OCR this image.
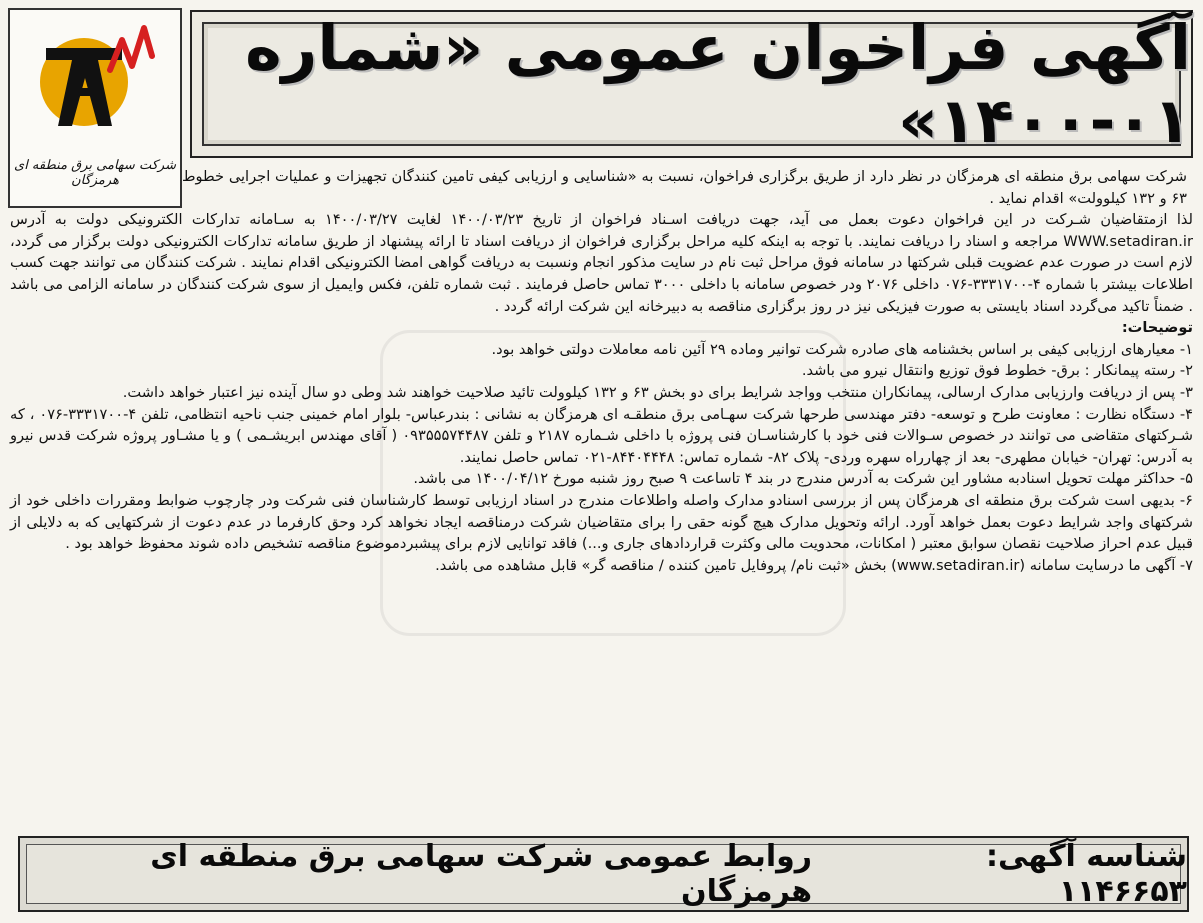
شرکت سهامی برق منطقه ای هرمزگان
آگهی فراخوان عمومی «شماره ۰۱-۱۴۰۰»

شرکت سهامی برق منطقه ای هرمزگان در نظر دارد از طریق برگزاری فراخوان، نسبت به «شناسایی و ارزیابی کیفی تامین کنندگان تجهیزات و عملیات اجرایی خطوط ۶۳ و ۱۳۲ کیلوولت» اقدام نماید .

لذا ازمتقاضیان شـرکت در این فراخوان دعوت بعمل می آید، جهت دریافت اسـناد فراخوان از تاریخ ۱۴۰۰/۰۳/۲۳ لغایت ۱۴۰۰/۰۳/۲۷ به سـامانه تدارکات الکترونیکی دولت به آدرس WWW.setadiran.ir مراجعه و اسناد را دریافت نمایند. با توجه به اینکه کلیه مراحل برگزاری فراخوان از دریافت اسناد تا ارائه پیشنهاد از طریق سامانه تدارکات الکترونیکی دولت برگزار می گردد، لازم است در صورت عدم عضویت قبلی شرکتها در سامانه فوق مراحل ثبت نام در سایت مذکور انجام ونسبت به دریافت گواهی امضا الکترونیکی اقدام نمایند . شرکت کنندگان می توانند جهت کسب اطلاعات بیشتر با شماره ۴-۳۳۳۱۷۰۰-۰۷۶ داخلی ۲۰۷۶ ودر خصوص سامانه با داخلی ۳۰۰۰ تماس حاصل فرمایند . ثبت شماره تلفن، فکس وایمیل از سوی شرکت کنندگان در سامانه الزامی می باشد . ضمناً تاکید می‌گردد اسناد بایستی به صورت فیزیکی نیز در روز برگزاری مناقصه به دبیرخانه این شرکت ارائه گردد .

توضیحات:

۱- معیارهای ارزیابی کیفی بر اساس بخشنامه های صادره شرکت توانیر وماده ۲۹ آئین نامه معاملات دولتی خواهد بود.

۲- رسته پیمانکار : برق- خطوط فوق توزیع وانتقال نیرو می باشد.

۳- پس از دریافت وارزیابی مدارک ارسالی، پیمانکاران منتخب وواجد شرایط برای دو بخش ۶۳ و ۱۳۲ کیلوولت تائید صلاحیت خواهند شد وطی دو سال آینده نیز اعتبار خواهد داشت.

۴- دستگاه نظارت : معاونت طرح و توسعه- دفتر مهندسی طرحها شرکت سهـامی برق منطقـه ای هرمزگان به نشانی : بندرعباس- بلوار امام خمینی جنب ناحیه انتظامی، تلفن ۴-۳۳۳۱۷۰۰-۰۷۶ ، که شـرکتهای متقاضی می توانند در خصوص سـوالات فنی خود با کارشناسـان فنی پروژه با داخلی شـماره ۲۱۸۷ و تلفن ۰۹۳۵۵۵۷۴۴۸۷ ( آقای مهندس ابریشـمی ) و یا مشـاور پروژه شرکت قدس نیرو به آدرس: تهران- خیابان مطهری- بعد از چهارراه سهره وردی- پلاک ۸۲- شماره تماس: ۸۴۴۰۴۴۴۸-۰۲۱ تماس حاصل نمایند.

۵- حداکثر مهلت تحویل اسنادبه مشاور این شرکت به آدرس مندرج در بند ۴ تاساعت ۹ صبح روز شنبه مورخ ۱۴۰۰/۰۴/۱۲ می باشد.

۶- بدیهی است شرکت برق منطقه ای هرمزگان پس از بررسی اسنادو مدارک واصله واطلاعات مندرج در اسناد ارزیابی توسط کارشناسان فنی شرکت ودر چارچوب ضوابط ومقررات داخلی خود از شرکتهای واجد شرایط دعوت بعمل خواهد آورد. ارائه وتحویل مدارک هیچ گونه حقی را برای متقاضیان شرکت درمناقصه ایجاد نخواهد کرد وحق کارفرما در عدم دعوت از شرکتهایی که به دلایلی از قبیل عدم احراز صلاحیت نقصان سوابق معتبر ( امکانات، محدویت مالی وکثرت قراردادهای جاری و...) فاقد توانایی لازم برای پیشبردموضوع مناقصه تشخیص داده شوند محفوظ خواهد بود .

۷- آگهی ما درسایت سامانه (www.setadiran.ir) بخش «ثبت نام/ پروفایل تامین کننده / مناقصه گر» قابل مشاهده می باشد.

شناسه آگهی: ۱۱۴۶۶۵۳
روابط عمومی شرکت سهامی برق منطقه ای هرمزگان
